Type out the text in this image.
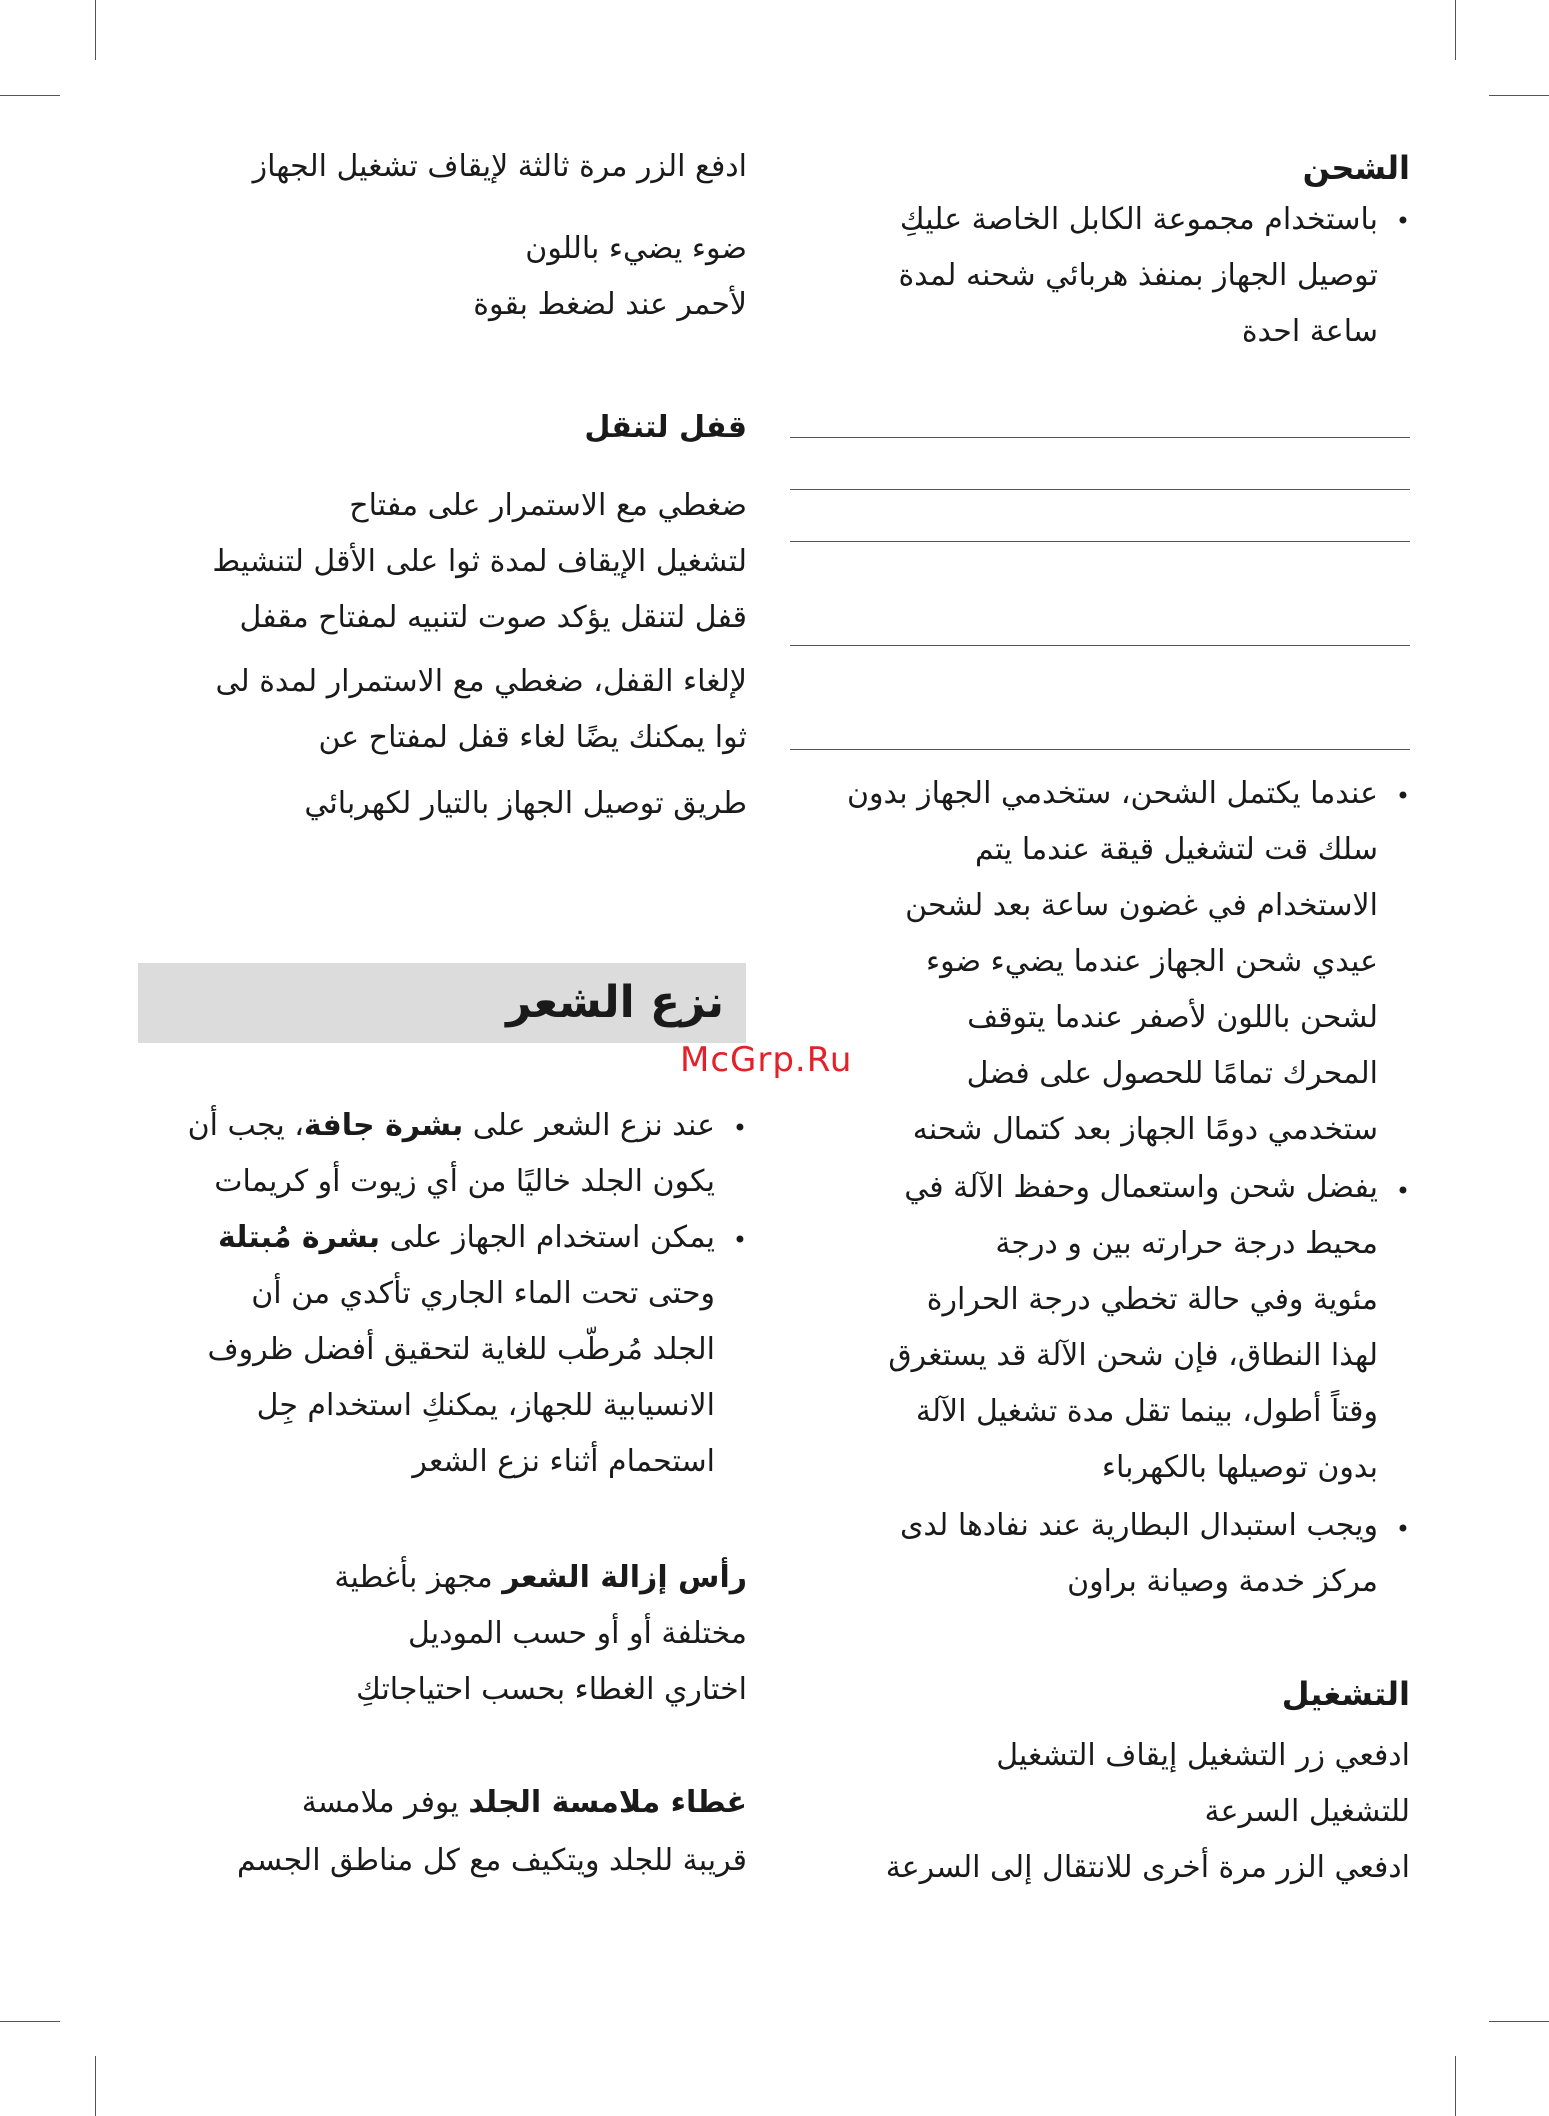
الشحن
•
باستخدام مجموعة الكابل الخاصة عليكِ
توصيل الجهاز بمنفذ هربائي شحنه لمدة
ساعة احدة
•
عندما يكتمل الشحن، ستخدمي الجهاز بدون
سلك قت لتشغيل قيقة عندما يتم
الاستخدام في غضون ساعة بعد لشحن
عيدي شحن الجهاز عندما يضيء ضوء
لشحن باللون لأصفر عندما يتوقف
المحرك تمامًا للحصول على فضل
ستخدمي دومًا الجهاز بعد كتمال شحنه
•
يفضل شحن واستعمال وحفظ الآلة في
محيط درجة حرارته بين و درجة
مئوية وفي حالة تخطي درجة الحرارة
لهذا النطاق، فإن شحن الآلة قد يستغرق
وقتاً أطول، بينما تقل مدة تشغيل الآلة
بدون توصيلها بالكهرباء
•
ويجب استبدال البطارية عند نفادها لدى
مركز خدمة وصيانة براون
التشغيل
ادفعي زر التشغيل إيقاف التشغيل
للتشغيل السرعة
ادفعي الزر مرة أخرى للانتقال إلى السرعة
ادفع الزر مرة ثالثة لإيقاف تشغيل الجهاز
ضوء يضيء باللون
لأحمر عند لضغط بقوة
قفل لتنقل
ضغطي مع الاستمرار على مفتاح
لتشغيل الإيقاف لمدة ثوا على الأقل لتنشيط
قفل لتنقل يؤكد صوت لتنبيه لمفتاح مقفل
لإلغاء القفل، ضغطي مع الاستمرار لمدة لى
ثوا يمكنك يضًا لغاء قفل لمفتاح عن
طريق توصيل الجهاز بالتيار لكهربائي
•
عند نزع الشعر على بشرة جافة، يجب أن
يكون الجلد خاليًا من أي زيوت أو كريمات
•
يمكن استخدام الجهاز على بشرة مُبتلة
وحتى تحت الماء الجاري تأكدي من أن
الجلد مُرطّب للغاية لتحقيق أفضل ظروف
الانسيابية للجهاز، يمكنكِ استخدام جِل
استحمام أثناء نزع الشعر
رأس إزالة الشعر مجهز بأغطية
مختلفة أو أو حسب الموديل
اختاري الغطاء بحسب احتياجاتكِ
غطاء ملامسة الجلد يوفر ملامسة
قريبة للجلد ويتكيف مع كل مناطق الجسم
نزع الشعر
McGrp.Ru
